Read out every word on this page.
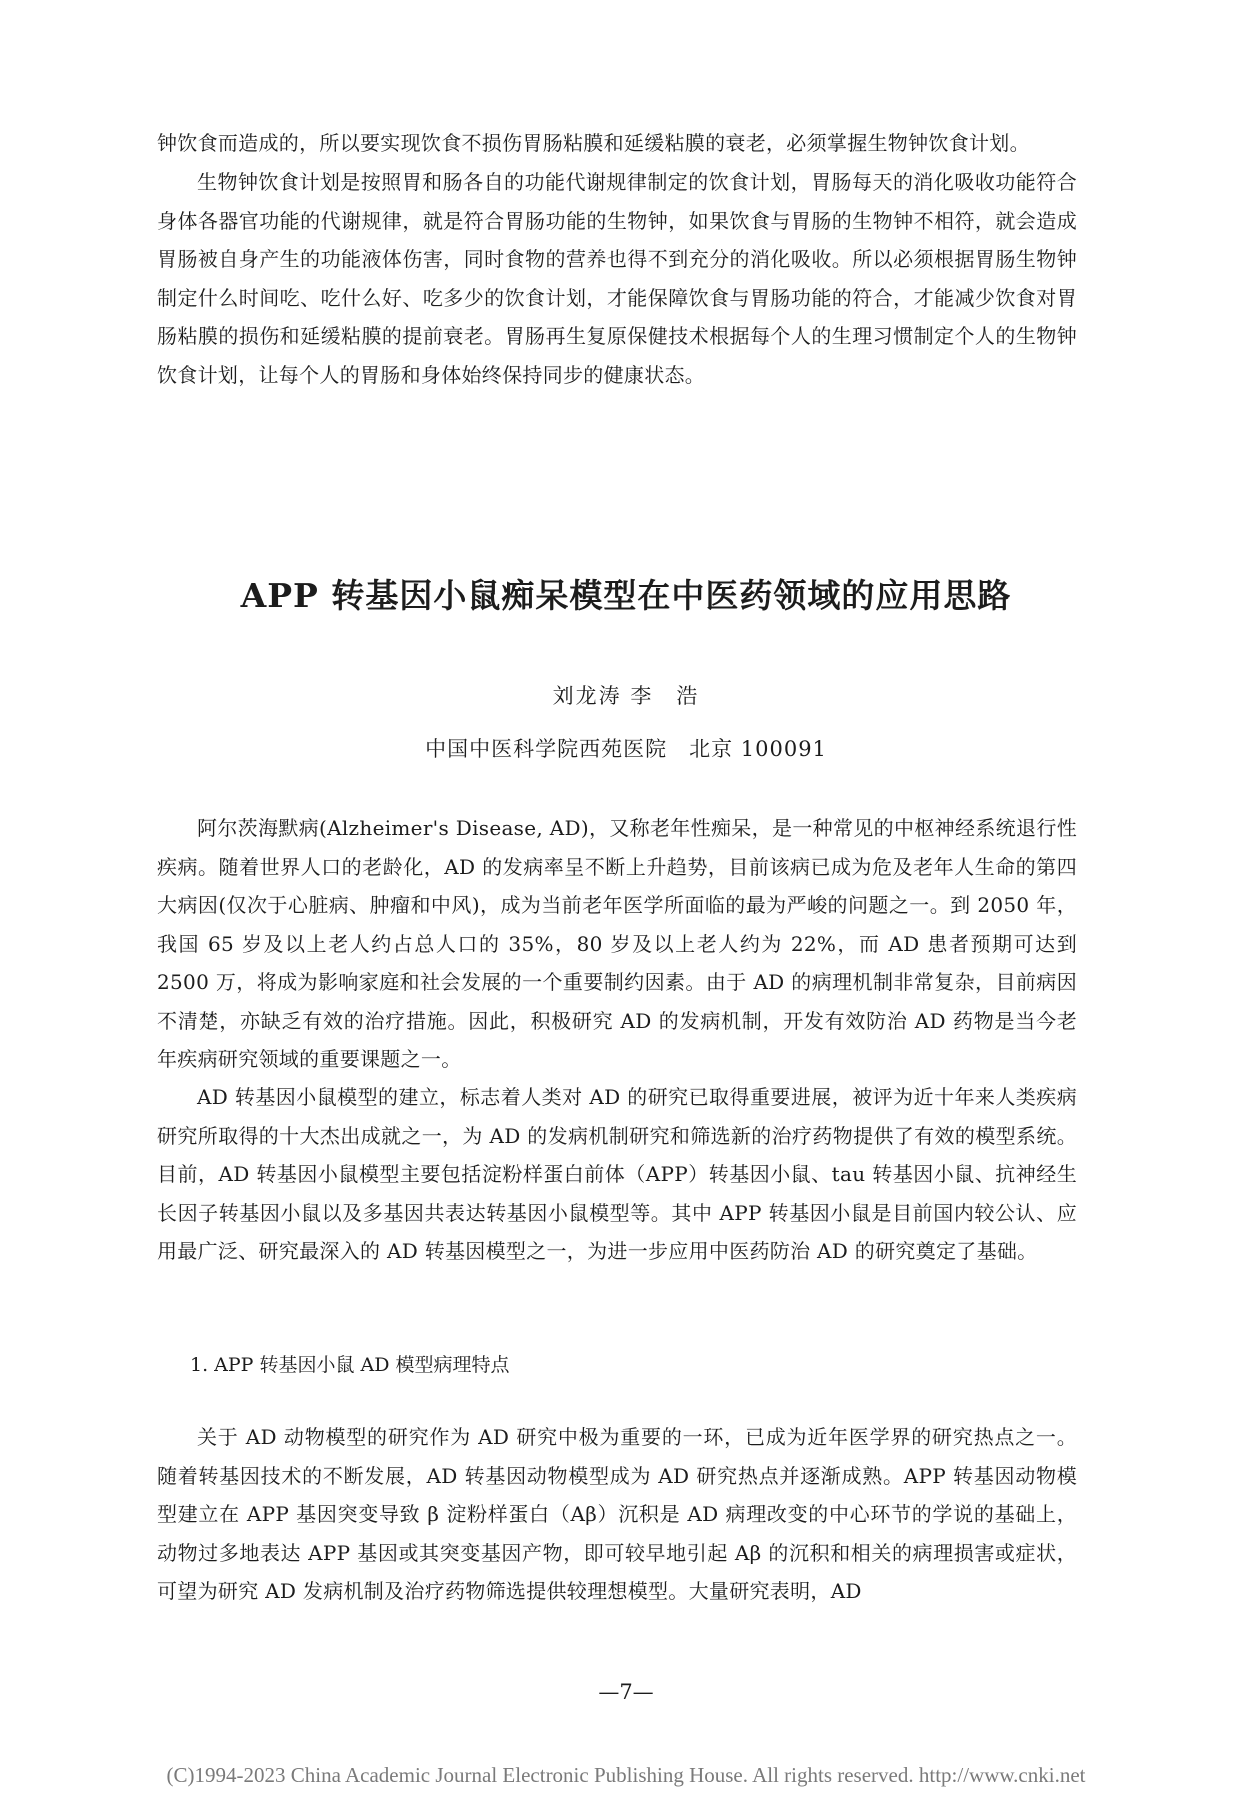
钟饮食而造成的，所以要实现饮食不损伤胃肠粘膜和延缓粘膜的衰老，必须掌握生物钟饮食计划。

生物钟饮食计划是按照胃和肠各自的功能代谢规律制定的饮食计划，胃肠每天的消化吸收功能符合身体各器官功能的代谢规律，就是符合胃肠功能的生物钟，如果饮食与胃肠的生物钟不相符，就会造成胃肠被自身产生的功能液体伤害，同时食物的营养也得不到充分的消化吸收。所以必须根据胃肠生物钟制定什么时间吃、吃什么好、吃多少的饮食计划，才能保障饮食与胃肠功能的符合，才能减少饮食对胃肠粘膜的损伤和延缓粘膜的提前衰老。胃肠再生复原保健技术根据每个人的生理习惯制定个人的生物钟饮食计划，让每个人的胃肠和身体始终保持同步的健康状态。

APP 转基因小鼠痴呆模型在中医药领域的应用思路
刘龙涛 李　浩
中国中医科学院西苑医院　北京 100091

阿尔茨海默病(Alzheimer's Disease, AD)，又称老年性痴呆，是一种常见的中枢神经系统退行性疾病。随着世界人口的老龄化，AD 的发病率呈不断上升趋势，目前该病已成为危及老年人生命的第四大病因(仅次于心脏病、肿瘤和中风)，成为当前老年医学所面临的最为严峻的问题之一。到 2050 年，我国 65 岁及以上老人约占总人口的 35%，80 岁及以上老人约为 22%，而 AD 患者预期可达到 2500 万，将成为影响家庭和社会发展的一个重要制约因素。由于 AD 的病理机制非常复杂，目前病因不清楚，亦缺乏有效的治疗措施。因此，积极研究 AD 的发病机制，开发有效防治 AD 药物是当今老年疾病研究领域的重要课题之一。

AD 转基因小鼠模型的建立，标志着人类对 AD 的研究已取得重要进展，被评为近十年来人类疾病研究所取得的十大杰出成就之一，为 AD 的发病机制研究和筛选新的治疗药物提供了有效的模型系统。目前，AD 转基因小鼠模型主要包括淀粉样蛋白前体（APP）转基因小鼠、tau 转基因小鼠、抗神经生长因子转基因小鼠以及多基因共表达转基因小鼠模型等。其中 APP 转基因小鼠是目前国内较公认、应用最广泛、研究最深入的 AD 转基因模型之一，为进一步应用中医药防治 AD 的研究奠定了基础。

1. APP 转基因小鼠 AD 模型病理特点

关于 AD 动物模型的研究作为 AD 研究中极为重要的一环，已成为近年医学界的研究热点之一。随着转基因技术的不断发展，AD 转基因动物模型成为 AD 研究热点并逐渐成熟。APP 转基因动物模型建立在 APP 基因突变导致 β 淀粉样蛋白（Aβ）沉积是 AD 病理改变的中心环节的学说的基础上，动物过多地表达 APP 基因或其突变基因产物，即可较早地引起 Aβ 的沉积和相关的病理损害或症状，可望为研究 AD 发病机制及治疗药物筛选提供较理想模型。大量研究表明，AD

—7—
(C)1994-2023 China Academic Journal Electronic Publishing House. All rights reserved. http://www.cnki.net
